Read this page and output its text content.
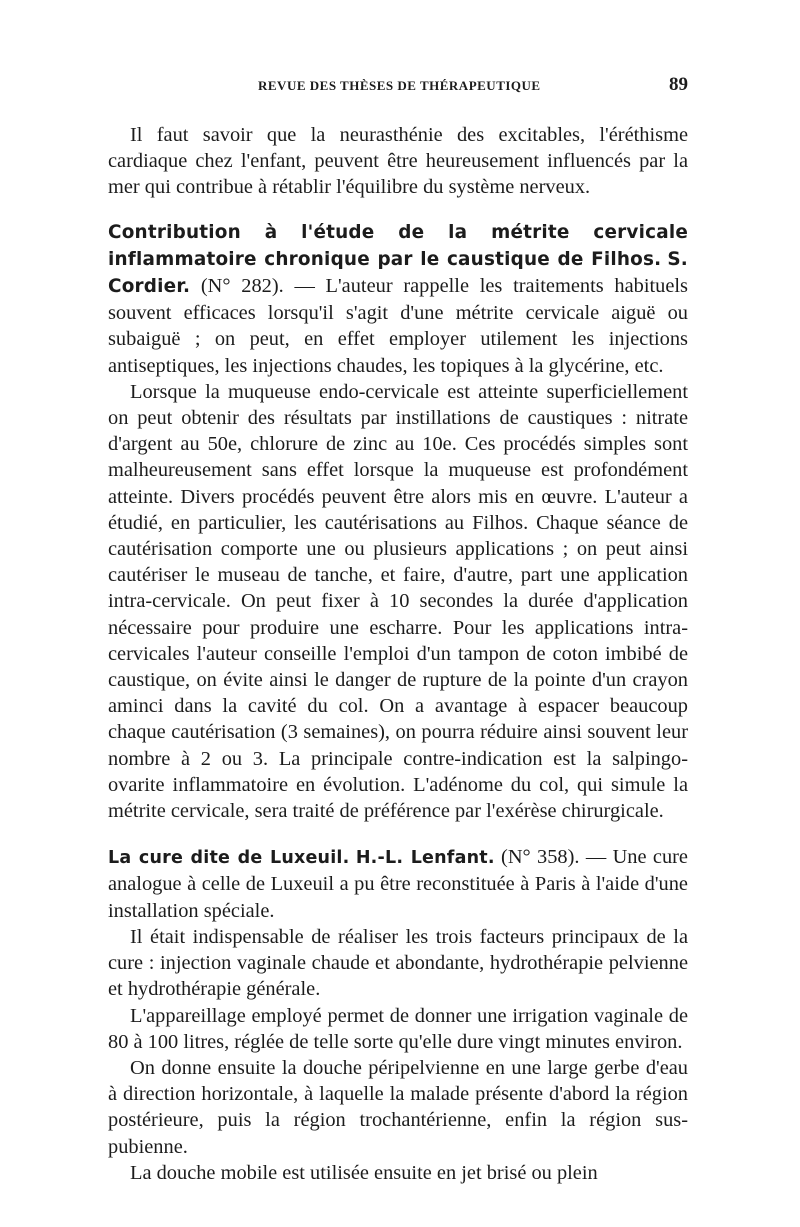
REVUE DES THÈSES DE THÉRAPEUTIQUE	89

Il faut savoir que la neurasthénie des excitables, l'éréthisme cardiaque chez l'enfant, peuvent être heureusement influencés par la mer qui contribue à rétablir l'équilibre du système nerveux.

Contribution à l'étude de la métrite cervicale inflammatoire chronique par le caustique de Filhos. S. Cordier. (N° 282). — L'auteur rappelle les traitements habituels souvent efficaces lorsqu'il s'agit d'une métrite cervicale aiguë ou subaiguë ; on peut, en effet employer utilement les injections antiseptiques, les injections chaudes, les topiques à la glycérine, etc.

Lorsque la muqueuse endo-cervicale est atteinte superficiellement on peut obtenir des résultats par instillations de caustiques : nitrate d'argent au 50e, chlorure de zinc au 10e. Ces procédés simples sont malheureusement sans effet lorsque la muqueuse est profondément atteinte. Divers procédés peuvent être alors mis en œuvre. L'auteur a étudié, en particulier, les cautérisations au Filhos. Chaque séance de cautérisation comporte une ou plusieurs applications ; on peut ainsi cautériser le museau de tanche, et faire, d'autre, part une application intra-cervicale. On peut fixer à 10 secondes la durée d'application nécessaire pour produire une escharre. Pour les applications intra-cervicales l'auteur conseille l'emploi d'un tampon de coton imbibé de caustique, on évite ainsi le danger de rupture de la pointe d'un crayon aminci dans la cavité du col. On a avantage à espacer beaucoup chaque cautérisation (3 semaines), on pourra réduire ainsi souvent leur nombre à 2 ou 3. La principale contre-indication est la salpingo-ovarite inflammatoire en évolution. L'adénome du col, qui simule la métrite cervicale, sera traité de préférence par l'exérèse chirurgicale.

La cure dite de Luxeuil. H.-L. Lenfant. (N° 358). — Une cure analogue à celle de Luxeuil a pu être reconstituée à Paris à l'aide d'une installation spéciale.

Il était indispensable de réaliser les trois facteurs principaux de la cure : injection vaginale chaude et abondante, hydrothérapie pelvienne et hydrothérapie générale.

L'appareillage employé permet de donner une irrigation vaginale de 80 à 100 litres, réglée de telle sorte qu'elle dure vingt minutes environ.

On donne ensuite la douche péripelvienne en une large gerbe d'eau à direction horizontale, à laquelle la malade présente d'abord la région postérieure, puis la région trochantérienne, enfin la région sus-pubienne.

La douche mobile est utilisée ensuite en jet brisé ou plein
